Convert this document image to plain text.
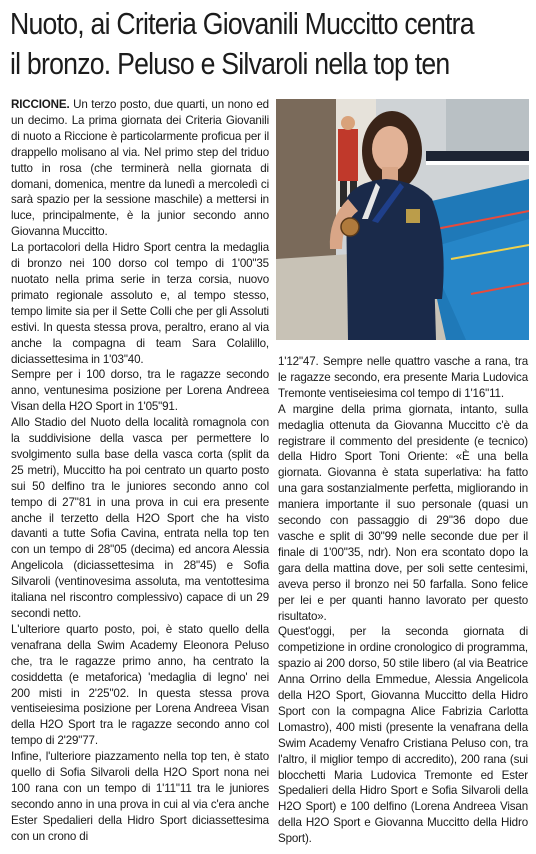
Nuoto, ai Criteria Giovanili Muccitto centra
il bronzo. Peluso e Silvaroli nella top ten

RICCIONE. Un terzo posto, due quarti, un nono ed un decimo. La prima giornata dei Criteria Giovanili di nuoto a Riccione è particolarmente proficua per il drappello molisano al via. Nel primo step del triduo tutto in rosa (che terminerà nella giornata di domani, domenica, mentre da lunedì a mercoledì ci sarà spazio per la sessione maschile) a mettersi in luce, principalmente, è la junior secondo anno Giovanna Muccitto.

La portacolori della Hidro Sport centra la medaglia di bronzo nei 100 dorso col tempo di 1'00"35 nuotato nella prima serie in terza corsia, nuovo primato regionale assoluto e, al tempo stesso, tempo limite sia per il Sette Colli che per gli Assoluti estivi. In questa stessa prova, peraltro, erano al via anche la compagna di team Sara Colalillo, diciassettesima in 1'03"40.

Sempre per i 100 dorso, tra le ragazze secondo anno, ventunesima posizione per Lorena Andreea Visan della H2O Sport in 1'05"91.

Allo Stadio del Nuoto della località romagnola con la suddivisione della vasca per permettere lo svolgimento sulla base della vasca corta (split da 25 metri), Muccitto ha poi centrato un quarto posto sui 50 delfino tra le juniores secondo anno col tempo di 27"81 in una prova in cui era presente anche il terzetto della H2O Sport che ha visto davanti a tutte Sofia Cavina, entrata nella top ten con un tempo di 28"05 (decima) ed ancora Alessia Angelicola (diciassettesima in 28"45) e Sofia Silvaroli (ventinovesima assoluta, ma ventottesima italiana nel riscontro complessivo) capace di un 29 secondi netto.

L'ulteriore quarto posto, poi, è stato quello della venafrana della Swim Academy Eleonora Peluso che, tra le ragazze primo anno, ha centrato la cosiddetta (e metaforica) 'medaglia di legno' nei 200 misti in 2'25"02. In questa stessa prova ventiseiesima posizione per Lorena Andreea Visan della H2O Sport tra le ragazze secondo anno col tempo di 2'29"77.

Infine, l'ulteriore piazzamento nella top ten, è stato quello di Sofia Silvaroli della H2O Sport nona nei 100 rana con un tempo di 1'11"11 tra le juniores secondo anno in una prova in cui al via c'era anche Ester Spedalieri della Hidro Sport diciassettesima con un crono di

1'12"47. Sempre nelle quattro vasche a rana, tra le ragazze secondo, era presente Maria Ludovica Tremonte ventiseiesima col tempo di 1'16"11.

A margine della prima giornata, intanto, sulla medaglia ottenuta da Giovanna Muccitto c'è da registrare il commento del presidente (e tecnico) della Hidro Sport Toni Oriente: «È una bella giornata. Giovanna è stata superlativa: ha fatto una gara sostanzialmente perfetta, migliorando in maniera importante il suo personale (quasi un secondo con passaggio di 29"36 dopo due vasche e split di 30"99 nelle seconde due per il finale di 1'00"35, ndr). Non era scontato dopo la gara della mattina dove, per soli sette centesimi, aveva perso il bronzo nei 50 farfalla. Sono felice per lei e per quanti hanno lavorato per questo risultato».

Quest'oggi, per la seconda giornata di competizione in ordine cronologico di programma, spazio ai 200 dorso, 50 stile libero (al via Beatrice Anna Orrino della Emmedue, Alessia Angelicola della H2O Sport, Giovanna Muccitto della Hidro Sport con la compagna Alice Fabrizia Carlotta Lomastro), 400 misti (presente la venafrana della Swim Academy Venafro Cristiana Peluso con, tra l'altro, il miglior tempo di accredito), 200 rana (sui blocchetti Maria Ludovica Tremonte ed Ester Spedalieri della Hidro Sport e Sofia Silvaroli della H2O Sport) e 100 delfino (Lorena Andreea Visan della H2O Sport e Giovanna Muccitto della Hidro Sport).
